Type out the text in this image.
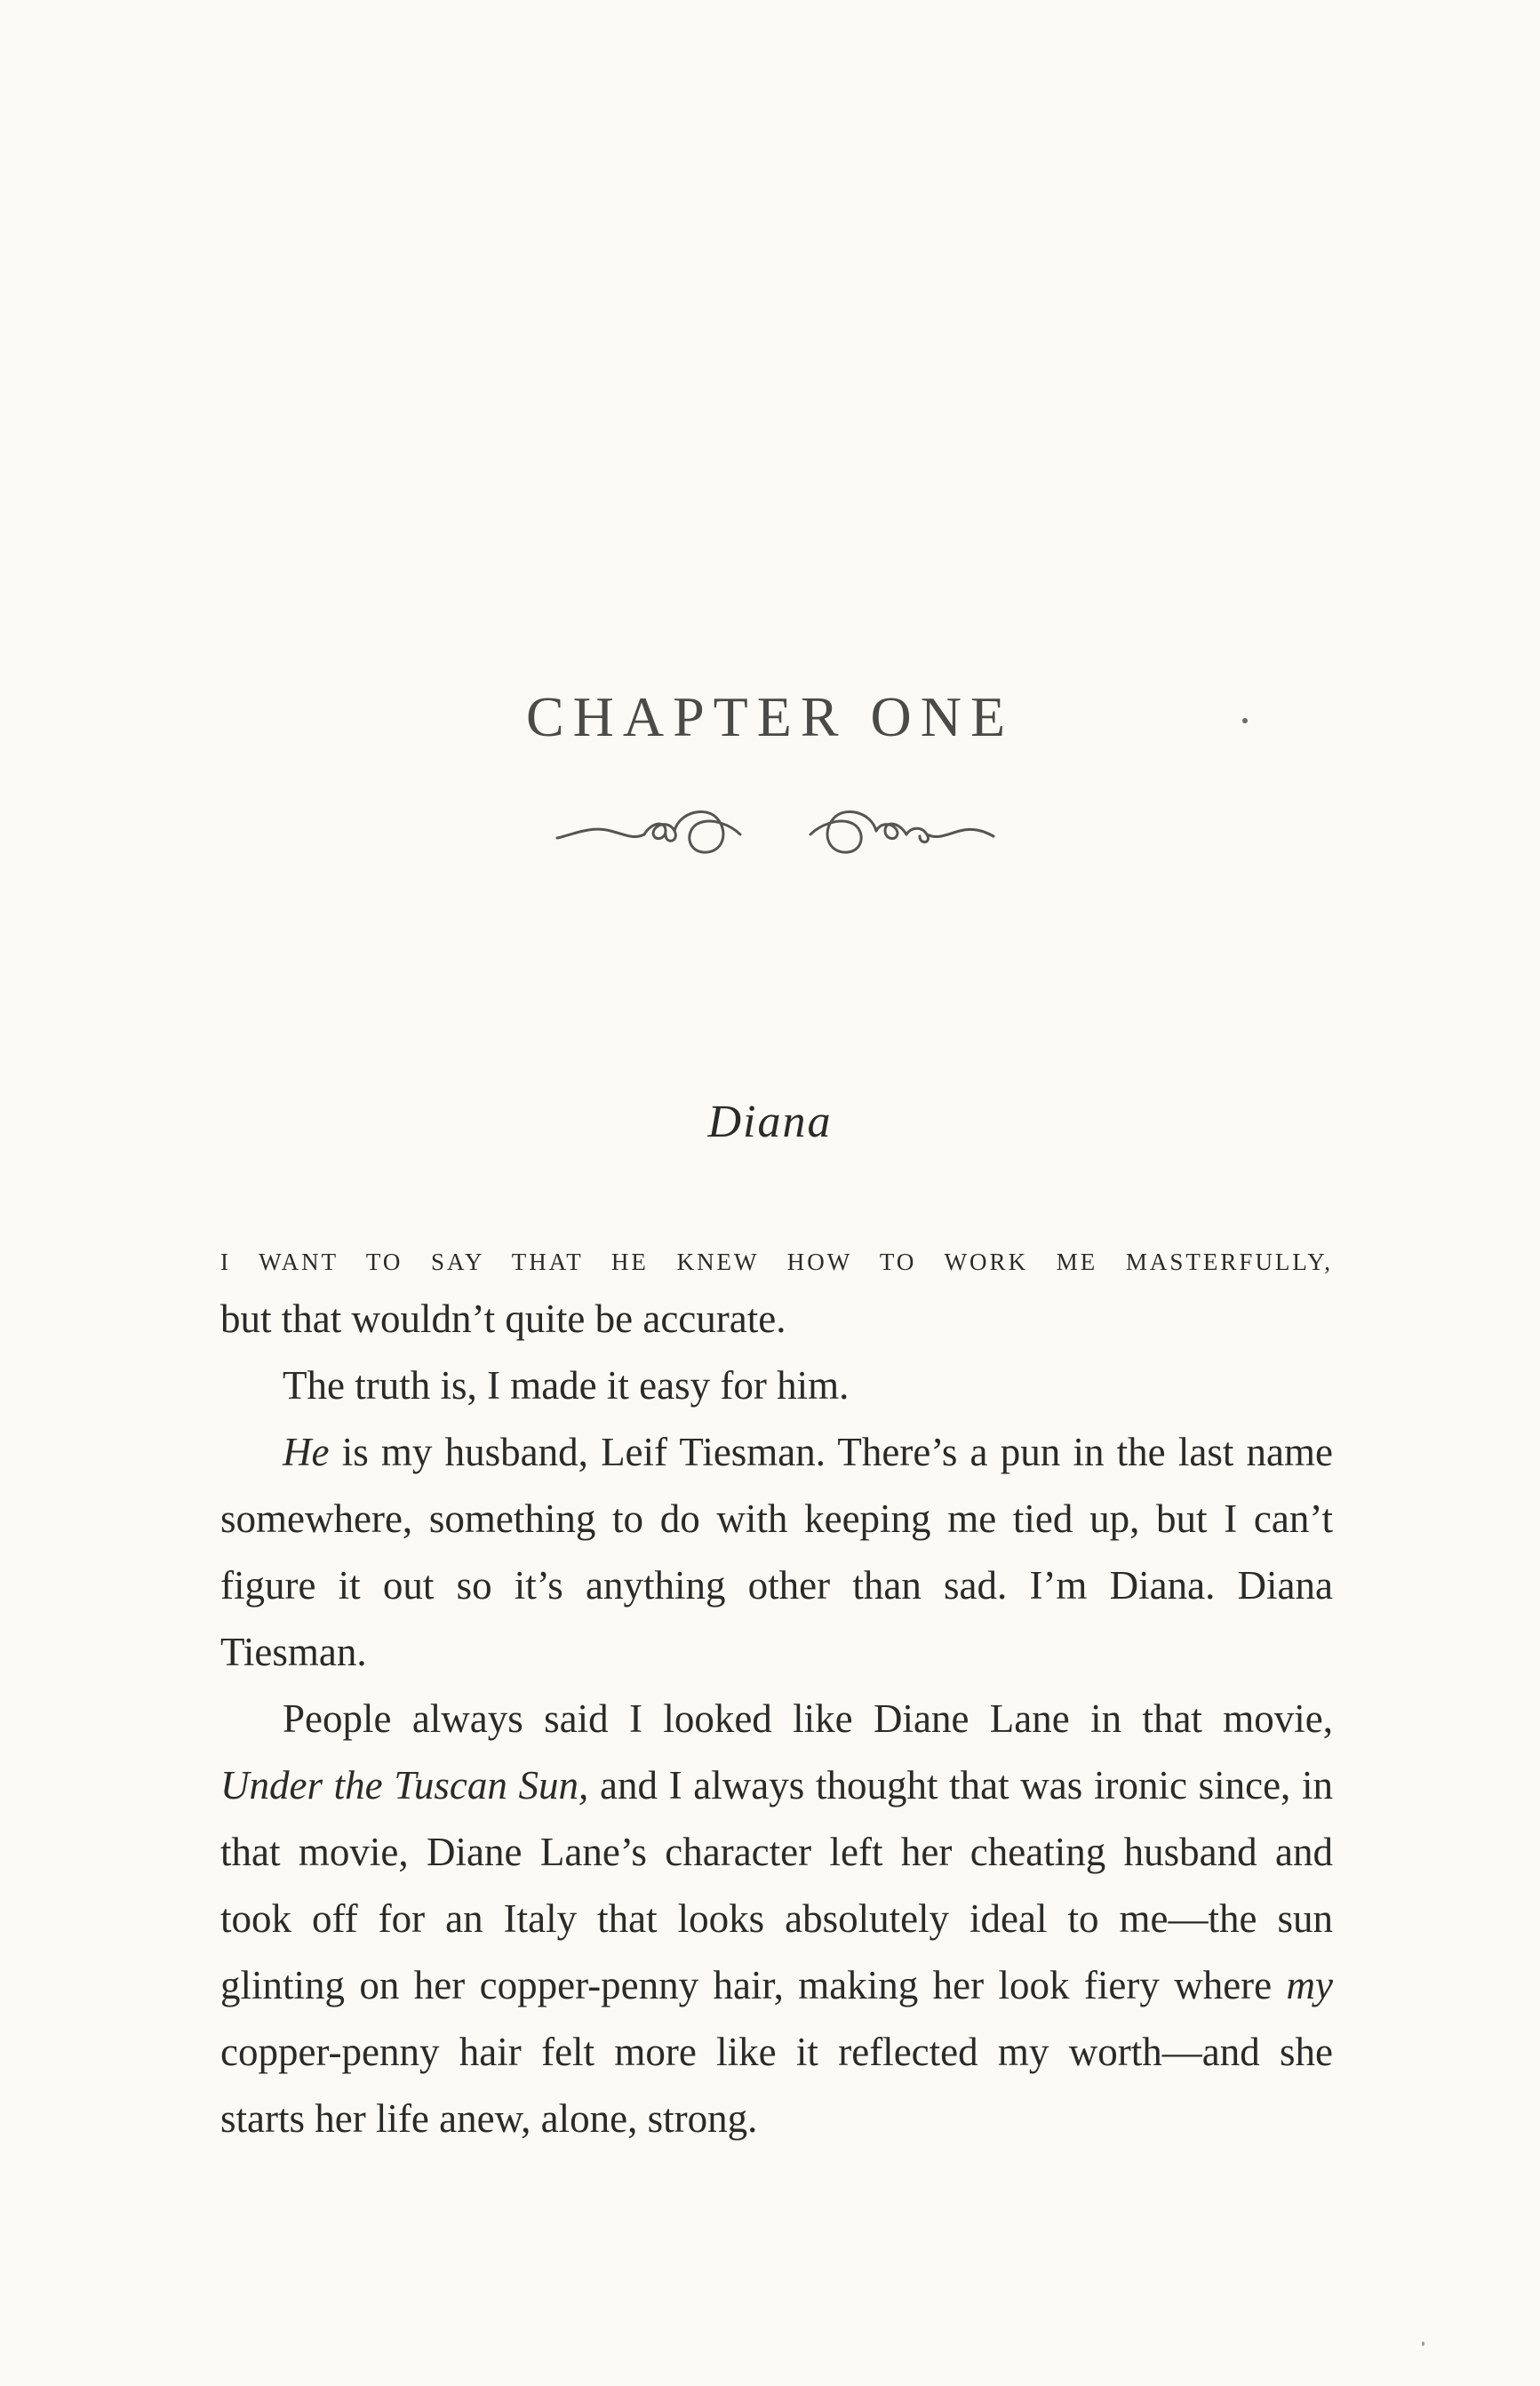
CHAPTER ONE
Diana
I WANT TO SAY THAT HE KNEW HOW TO WORK ME MASTERFULLY,

but that wouldn’t quite be accurate.

The truth is, I made it easy for him.

He is my husband, Leif Tiesman. There’s a pun in the last name somewhere, something to do with keeping me tied up, but I can’t figure it out so it’s anything other than sad. I’m Diana. Diana Tiesman.

People always said I looked like Diane Lane in that movie, Under the Tuscan Sun, and I always thought that was ironic since, in that movie, Diane Lane’s character left her cheating husband and took off for an Italy that looks absolutely ideal to me—the sun glinting on her copper-penny hair, making her look fiery where my copper-penny hair felt more like it reflected my worth—and she starts her life anew, alone, strong.
